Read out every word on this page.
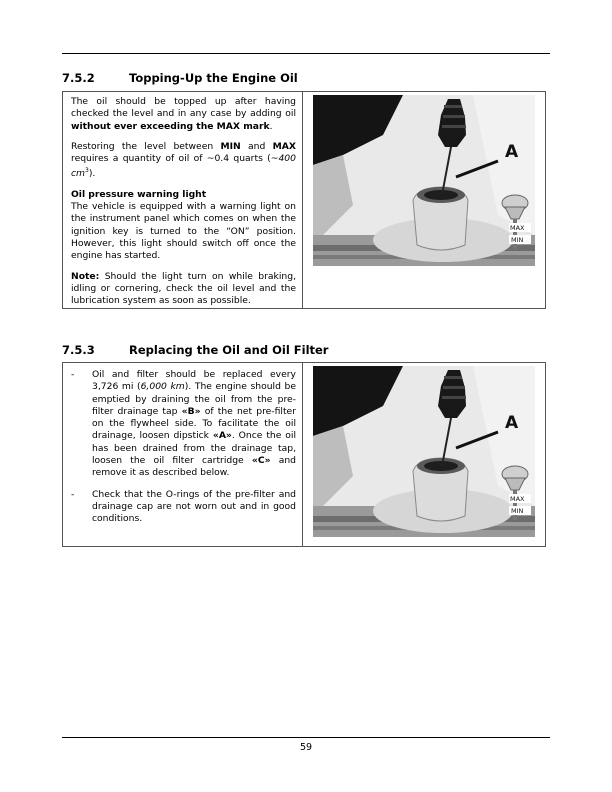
7.5.2	Topping-Up the Engine Oil

The oil should be topped up after having checked the level and in any case by adding oil without ever exceeding the MAX mark.

Restoring the level between MIN and MAX requires a quantity of oil of ~0.4 quarts (~400 $cm^3$).

Oil pressure warning light

The vehicle is equipped with a warning light on the instrument panel which comes on when the ignition key is turned to the “ON” position. However, this light should switch off once the engine has started.

Note: Should the light turn on while braking, idling or cornering, check the oil level and the lubrication system as soon as possible.

A
MAX
MIN
7.5.3	Replacing the Oil and Oil Filter
- Oil and filter should be replaced every 3,726 mi (6,000 km). The engine should be emptied by draining the oil from the pre-filter drainage tap «B» of the net pre-filter on the flywheel side. To facilitate the oil drainage, loosen dipstick «A». Once the oil has been drained from the drainage tap, loosen the oil filter cartridge «C» and remove it as described below.
- Check that the O-rings of the pre-filter and drainage cap are not worn out and in good conditions.
A
MAX
MIN
59
